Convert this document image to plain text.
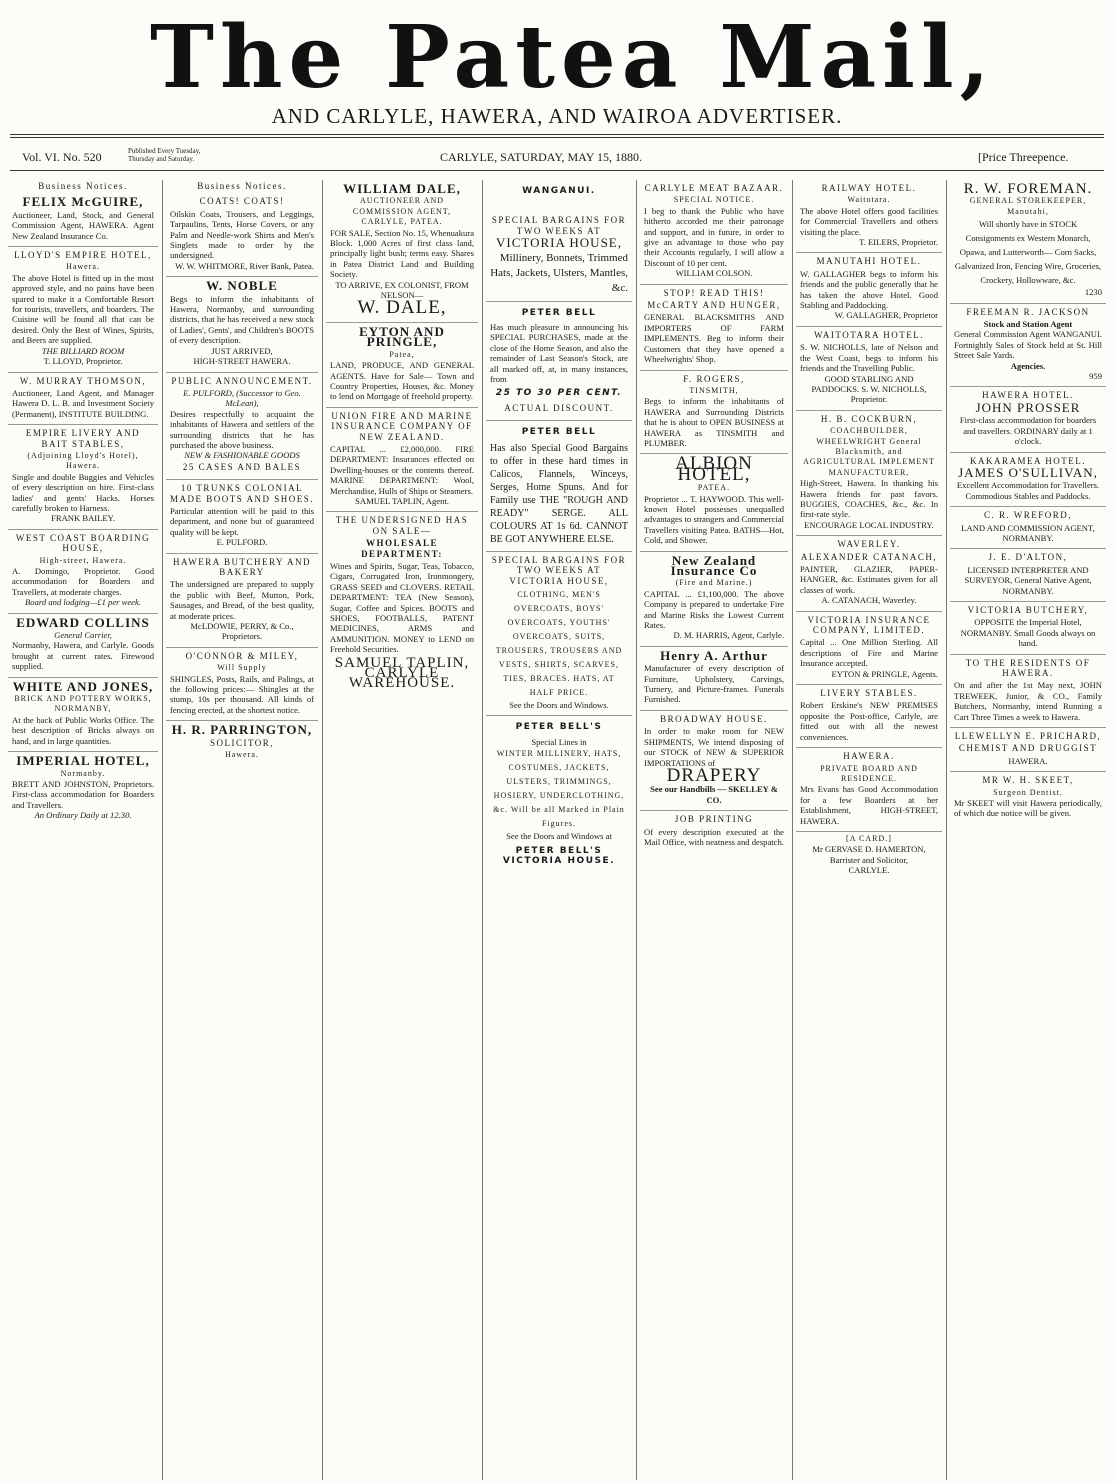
The Patea Mail,
AND CARLYLE, HAWERA, AND WAIROA ADVERTISER.
Vol. VI. No. 520	Published Every Tuesday,
Thursday and Saturday.	CARLYLE, SATURDAY, MAY 15, 1880.	[Price Threepence.
Business Notices.
FELIX McGUIRE,
Auctioneer, Land, Stock, and General Commission Agent, HAWERA. Agent New Zealand Insurance Co.
LLOYD'S EMPIRE HOTEL,
Hawera.
The above Hotel is fitted up in the most approved style, and no pains have been spared to make it a Comfortable Resort for tourists, travellers, and boarders. The Cuisine will be found all that can be desired. Only the Best of Wines, Spirits, and Beers are supplied.
THE BILLIARD ROOM
T. LLOYD, Proprietor.
W. MURRAY THOMSON,
Auctioneer, Land Agent, and Manager Hawera D. L. B. and Investment Society (Permanent), INSTITUTE BUILDING.
EMPIRE LIVERY AND BAIT STABLES,
(Adjoining Lloyd's Hotel), Hawera.
Single and double Buggies and Vehicles of every description on hire. First-class ladies' and gents' Hacks. Horses carefully broken to Harness.
FRANK BAILEY.
WEST COAST BOARDING HOUSE,
High-street, Hawera.
A. Domingo, Proprietor. Good accommodation for Boarders and Travellers, at moderate charges.
Board and lodging—£1 per week.
EDWARD COLLINS
General Carrier,
Normanby, Hawera, and Carlyle. Goods brought at current rates. Firewood supplied.
WHITE AND JONES,
BRICK AND POTTERY WORKS, NORMANBY,
At the back of Public Works Office. The best description of Bricks always on hand, and in large quantities.
IMPERIAL HOTEL,
Normanby.
BRETT AND JOHNSTON, Proprietors. First-class accommodation for Boarders and Travellers.
An Ordinary Daily at 12.30.
Business Notices.
COATS! COATS!
Oilskin Coats, Trousers, and Leggings, Tarpaulins, Tents, Horse Covers, or any Palm and Needle-work Shirts and Men's Singlets made to order by the undersigned.
W. W. WHITMORE, River Bank, Patea.
W. NOBLE
Begs to inform the inhabitants of Hawera, Normanby, and surrounding districts, that he has received a new stock of Ladies', Gents', and Children's BOOTS of every description.
JUST ARRIVED,
HIGH-STREET HAWERA.
PUBLIC ANNOUNCEMENT.
E. PULFORD, (Successor to Geo. McLean),
Desires respectfully to acquaint the inhabitants of Hawera and settlers of the surrounding districts that he has purchased the above business.
NEW & FASHIONABLE GOODS
25 CASES AND BALES
10 TRUNKS COLONIAL MADE BOOTS AND SHOES.
Particular attention will be paid to this department, and none but of guaranteed quality will be kept.
E. PULFORD.
HAWERA BUTCHERY AND BAKERY
The undersigned are prepared to supply the public with Beef, Mutton, Pork, Sausages, and Bread, of the best quality, at moderate prices.
McLDOWIE, PERRY, & Co., Proprietors.
O'CONNOR & MILEY,
Will Supply
SHINGLES, Posts, Rails, and Palings, at the following prices:— Shingles at the stump, 10s per thousand. All kinds of fencing erected, at the shortest notice.
H. R. PARRINGTON,
SOLICITOR,
Hawera.
WILLIAM DALE,
AUCTIONEER AND COMMISSION AGENT, CARLYLE, PATEA.
FOR SALE, Section No. 15, Whenuakura Block. 1,000 Acres of first class land, principally light bush; terms easy. Shares in Patea District Land and Building Society.
TO ARRIVE, EX COLONIST, FROM NELSON—
W. DALE,
EYTON AND PRINGLE,
Patea,
LAND, PRODUCE, AND GENERAL AGENTS. Have for Sale— Town and Country Properties, Houses, &c. Money to lend on Mortgage of freehold property.
UNION FIRE AND MARINE INSURANCE COMPANY OF NEW ZEALAND.
CAPITAL ... £2,000,000. FIRE DEPARTMENT: Insurances effected on Dwelling-houses or the contents thereof. MARINE DEPARTMENT: Wool, Merchandise, Hulls of Ships or Steamers.
SAMUEL TAPLIN, Agent.
THE UNDERSIGNED HAS ON SALE—
WHOLESALE DEPARTMENT:
Wines and Spirits, Sugar, Teas, Tobacco, Cigars, Corrugated Iron, Ironmongery, GRASS SEED and CLOVERS. RETAIL DEPARTMENT: TEA (New Season), Sugar, Coffee and Spices. BOOTS and SHOES, FOOTBALLS, PATENT MEDICINES, ARMS and AMMUNITION. MONEY to LEND on Freehold Securities.
SAMUEL TAPLIN, CARLYLE WAREHOUSE.
WANGANUI.
SPECIAL BARGAINS FOR TWO WEEKS AT
VICTORIA HOUSE,
Millinery, Bonnets, Trimmed Hats, Jackets, Ulsters, Mantles, &c.
PETER BELL
Has much pleasure in announcing his SPECIAL PURCHASES, made at the close of the Home Season, and also the remainder of Last Season's Stock, are all marked off, at, in many instances, from
25 TO 30 PER CENT.
ACTUAL DISCOUNT.
PETER BELL
Has also Special Good Bargains to offer in these hard times in Calicos, Flannels, Winceys, Serges, Home Spuns. And for Family use THE "ROUGH AND READY" SERGE. ALL COLOURS AT 1s 6d. CANNOT BE GOT ANYWHERE ELSE.
SPECIAL BARGAINS FOR TWO WEEKS AT VICTORIA HOUSE,
CLOTHING, MEN'S OVERCOATS, BOYS' OVERCOATS, YOUTHS' OVERCOATS, SUITS, TROUSERS, TROUSERS AND VESTS, SHIRTS, SCARVES, TIES, BRACES. HATS, AT HALF PRICE.
See the Doors and Windows.
PETER BELL'S
Special Lines in
WINTER MILLINERY, HATS, COSTUMES, JACKETS, ULSTERS, TRIMMINGS, HOSIERY, UNDERCLOTHING, &c. Will be all Marked in Plain Figures.
See the Doors and Windows at
PETER BELL'S VICTORIA HOUSE.
CARLYLE MEAT BAZAAR.
SPECIAL NOTICE.
I beg to thank the Public who have hitherto accorded me their patronage and support, and in future, in order to give an advantage to those who pay their Accounts regularly, I will allow a Discount of 10 per cent.
WILLIAM COLSON.
STOP! READ THIS!
McCARTY AND HUNGER,
GENERAL BLACKSMITHS AND IMPORTERS OF FARM IMPLEMENTS. Beg to inform their Customers that they have opened a Wheelwrights' Shop.
F. ROGERS,
TINSMITH,
Begs to inform the inhabitants of HAWERA and Surrounding Districts that he is about to OPEN BUSINESS at HAWERA as TINSMITH and PLUMBER.
ALBION HOTEL,
PATEA.
Proprietor ... T. HAYWOOD. This well-known Hotel possesses unequalled advantages to strangers and Commercial Travellers visiting Patea. BATHS—Hot, Cold, and Shower.
New Zealand Insurance Co
(Fire and Marine.)
CAPITAL ... £1,100,000. The above Company is prepared to undertake Fire and Marine Risks the Lowest Current Rates.
D. M. HARRIS, Agent, Carlyle.
Henry A. Arthur
Manufacturer of every description of Furniture, Upholstery, Carvings, Turnery, and Picture-frames. Funerals Furnished.
BROADWAY HOUSE.
In order to make room for NEW SHIPMENTS, We intend disposing of our STOCK of NEW & SUPERIOR IMPORTATIONS of
DRAPERY
See our Handbills — SKELLEY & CO.
JOB PRINTING
Of every description executed at the Mail Office, with neatness and despatch.
RAILWAY HOTEL.
Waitotara.
The above Hotel offers good facilities for Commercial Travellers and others visiting the place.
T. EILERS, Proprietor.
MANUTAHI HOTEL.
W. GALLAGHER begs to inform his friends and the public generally that he has taken the above Hotel. Good Stabling and Paddocking.
W. GALLAGHER, Proprietor
WAITOTARA HOTEL.
S. W. NICHOLLS, late of Nelson and the West Coast, begs to inform his friends and the Travelling Public.
GOOD STABLING AND PADDOCKS. S. W. NICHOLLS, Proprietor.
H. B. COCKBURN,
COACHBUILDER, WHEELWRIGHT General Blacksmith, and AGRICULTURAL IMPLEMENT MANUFACTURER,
High-Street, Hawera. In thanking his Hawera friends for past favors. BUGGIES, COACHES, &c., &c. In first-rate style.
ENCOURAGE LOCAL INDUSTRY.
WAVERLEY.
ALEXANDER CATANACH,
PAINTER, GLAZIER, PAPER-HANGER, &c. Estimates given for all classes of work.
A. CATANACH, Waverley.
VICTORIA INSURANCE COMPANY, LIMITED.
Capital ... One Million Sterling. All descriptions of Fire and Marine Insurance accepted.
EYTON & PRINGLE, Agents.
LIVERY STABLES.
Robert Erskine's NEW PREMISES opposite the Post-office, Carlyle, are fitted out with all the newest conveniences.
HAWERA.
PRIVATE BOARD AND RESIDENCE.
Mrs Evans has Good Accommodation for a few Boarders at her Establishment, HIGH-STREET, HAWERA.
[A CARD.]
Mr GERVASE D. HAMERTON, Barrister and Solicitor,
CARLYLE.
R. W. FOREMAN.
GENERAL STOREKEEPER, Manutahi,
Will shortly have in STOCK Consignments ex Western Monarch, Opawa, and Lutterworth— Corn Sacks, Galvanized Iron, Fencing Wire, Groceries, Crockery, Hollowware, &c.
1230
FREEMAN R. JACKSON
Stock and Station Agent
General Commission Agent WANGANUI. Fortnightly Sales of Stock held at St. Hill Street Sale Yards.
Agencies.
959
HAWERA HOTEL.
JOHN PROSSER
First-class accommodation for boarders and travellers. ORDINARY daily at 1 o'clock.
KAKARAMEA HOTEL.
JAMES O'SULLIVAN,
Excellent Accommodation for Travellers. Commodious Stables and Paddocks.
C. R. WREFORD,
LAND AND COMMISSION AGENT, NORMANBY.
J. E. D'ALTON,
LICENSED INTERPRETER AND SURVEYOR, General Native Agent, NORMANBY.
VICTORIA BUTCHERY,
OPPOSITE the Imperial Hotel, NORMANBY. Small Goods always on hand.
TO THE RESIDENTS OF HAWERA.
On and after the 1st May next, JOHN TREWEEK, Junior, & CO., Family Butchers, Normanby, intend Running a Cart Three Times a week to Hawera.
LLEWELLYN E. PRICHARD,
CHEMIST AND DRUGGIST
HAWERA.
MR W. H. SKEET,
Surgeon Dentist.
Mr SKEET will visit Hawera periodically, of which due notice will be given.
